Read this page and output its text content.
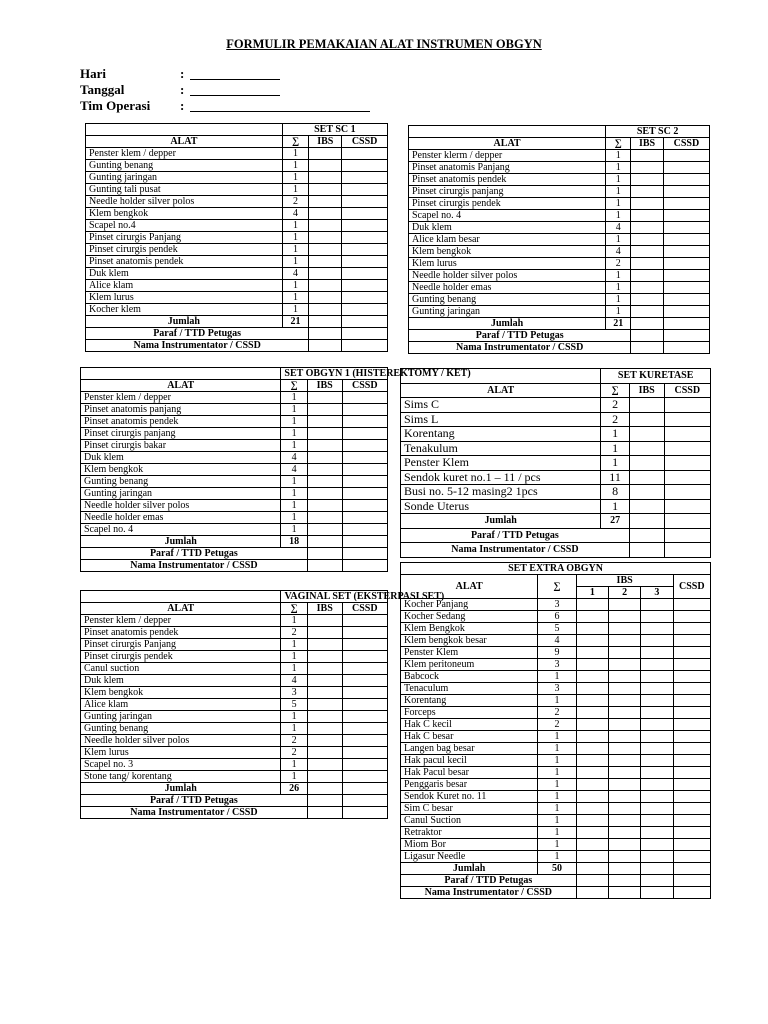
FORMULIR PEMAKAIAN ALAT INSTRUMEN OBGYN
Hari	:
Tanggal	:
Tim Operasi	:
	SET SC 1		
ALAT	∑	IBS	CSSD
Penster klem / depper	1		
Gunting benang	1		
Gunting jaringan	1		
Gunting tali pusat	1		
Needle holder silver polos	2		
Klem bengkok	4		
Scapel no.4	1		
Pinset cirurgis Panjang	1		
Pinset cirurgis pendek	1		
Pinset anatomis pendek	1		
Duk klem	4		
Alice klam	1		
Klem lurus	1		
Kocher klem	1		
Jumlah	21		
Paraf / TTD Petugas			
Nama Instrumentator / CSSD			
	SET SC 2		
ALAT	∑	IBS	CSSD
Penster klerm / depper	1		
Pinset anatomis Panjang	1		
Pinset anatomis pendek	1		
Pinset cirurgis panjang	1		
Pinset cirurgis pendek	1		
Scapel no. 4	1		
Duk klem	4		
Alice klam besar	1		
Klem bengkok	4		
Klem lurus	2		
Needle holder silver polos	1		
Needle holder emas	1		
Gunting benang	1		
Gunting jaringan	1		
Jumlah	21		
Paraf / TTD Petugas			
Nama Instrumentator / CSSD			
	SET OBGYN 1 (HISTEREKTOMY / KET)		
ALAT	∑	IBS	CSSD
Penster klem / depper	1		
Pinset anatomis panjang	1		
Pinset anatomis pendek	1		
Pinset cirurgis panjang	1		
Pinset cirurgis bakar	1		
Duk klem	4		
Klem bengkok	4		
Gunting benang	1		
Gunting jaringan	1		
Needle holder silver polos	1		
Needle holder emas	1		
Scapel no. 4	1		
Jumlah	18		
Paraf / TTD Petugas			
Nama Instrumentator / CSSD			
	SET KURETASE		
ALAT	∑	IBS	CSSD
Sims C	2		
Sims L	2		
Korentang	1		
Tenakulum	1		
Penster Klem	1		
Sendok kuret no.1 – 11 / pcs	11		
Busi no. 5-12 masing2 1pcs	8		
Sonde Uterus	1		
Jumlah	27		
Paraf / TTD Petugas			
Nama Instrumentator / CSSD			
	VAGINAL SET (EKSTERPASI SET)		
ALAT	∑	IBS	CSSD
Penster klem / depper	1		
Pinset anatomis pendek	2		
Pinset cirurgis Panjang	1		
Pinset cirurgis pendek	1		
Canul suction	1		
Duk klem	4		
Klem bengkok	3		
Alice klam	5		
Gunting jaringan	1		
Gunting benang	1		
Needle holder silver polos	2		
Klem lurus	2		
Scapel no. 3	1		
Stone tang/ korentang	1		
Jumlah	26		
Paraf / TTD Petugas			
Nama Instrumentator / CSSD			
SET EXTRA OBGYN					
ALAT	∑	IBS			CSSD
		1	2	3	
Kocher Panjang	3				
Kocher Sedang	6				
Klem Bengkok	5				
Klem bengkok besar	4				
Penster Klem	9				
Klem peritoneum	3				
Babcock	1				
Tenaculum	3				
Korentang	1				
Forceps	2				
Hak C kecil	2				
Hak C besar	1				
Langen bag besar	1				
Hak pacul kecil	1				
Hak Pacul besar	1				
Penggaris besar	1				
Sendok Kuret no. 11	1				
Sim C besar	1				
Canul Suction	1				
Retraktor	1				
Miom Bor	1				
Ligasur Needle	1				
Jumlah	50				
Paraf / TTD Petugas					
Nama Instrumentator / CSSD					
